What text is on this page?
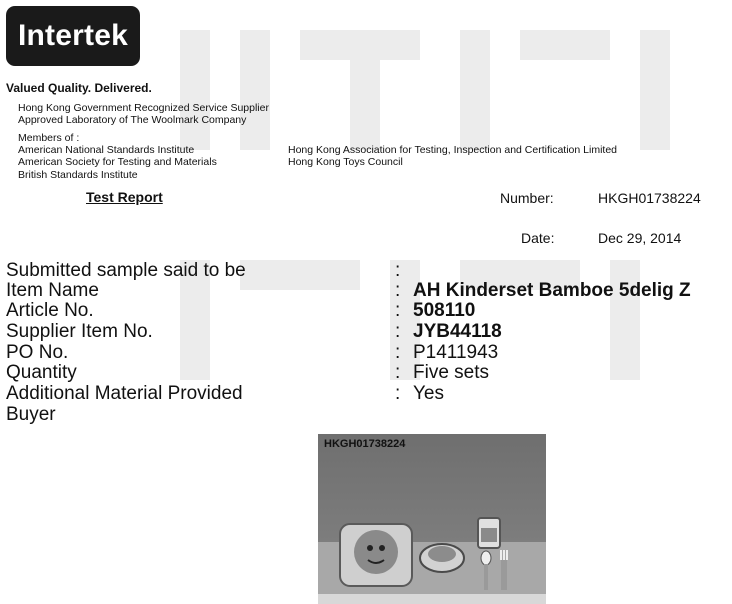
Intertek
Valued Quality. Delivered.
Hong Kong Government Recognized Service Supplier
Approved Laboratory of The Woolmark Company
Members of :
American National Standards Institute
American Society for Testing and Materials
British Standards Institute
Hong Kong Association for Testing, Inspection and Certification Limited
Hong Kong Toys Council
Test Report	Number:	HKGH01738224
Date:	Dec 29, 2014
Submitted sample said to be	:
Item Name	: AH Kinderset Bamboe 5delig Z
Article No.	: 508110
Supplier Item No.	: JYB44118
PO No.	: P1411943
Quantity	: Five sets
Additional Material Provided	: Yes
Buyer
HKGH01738224
